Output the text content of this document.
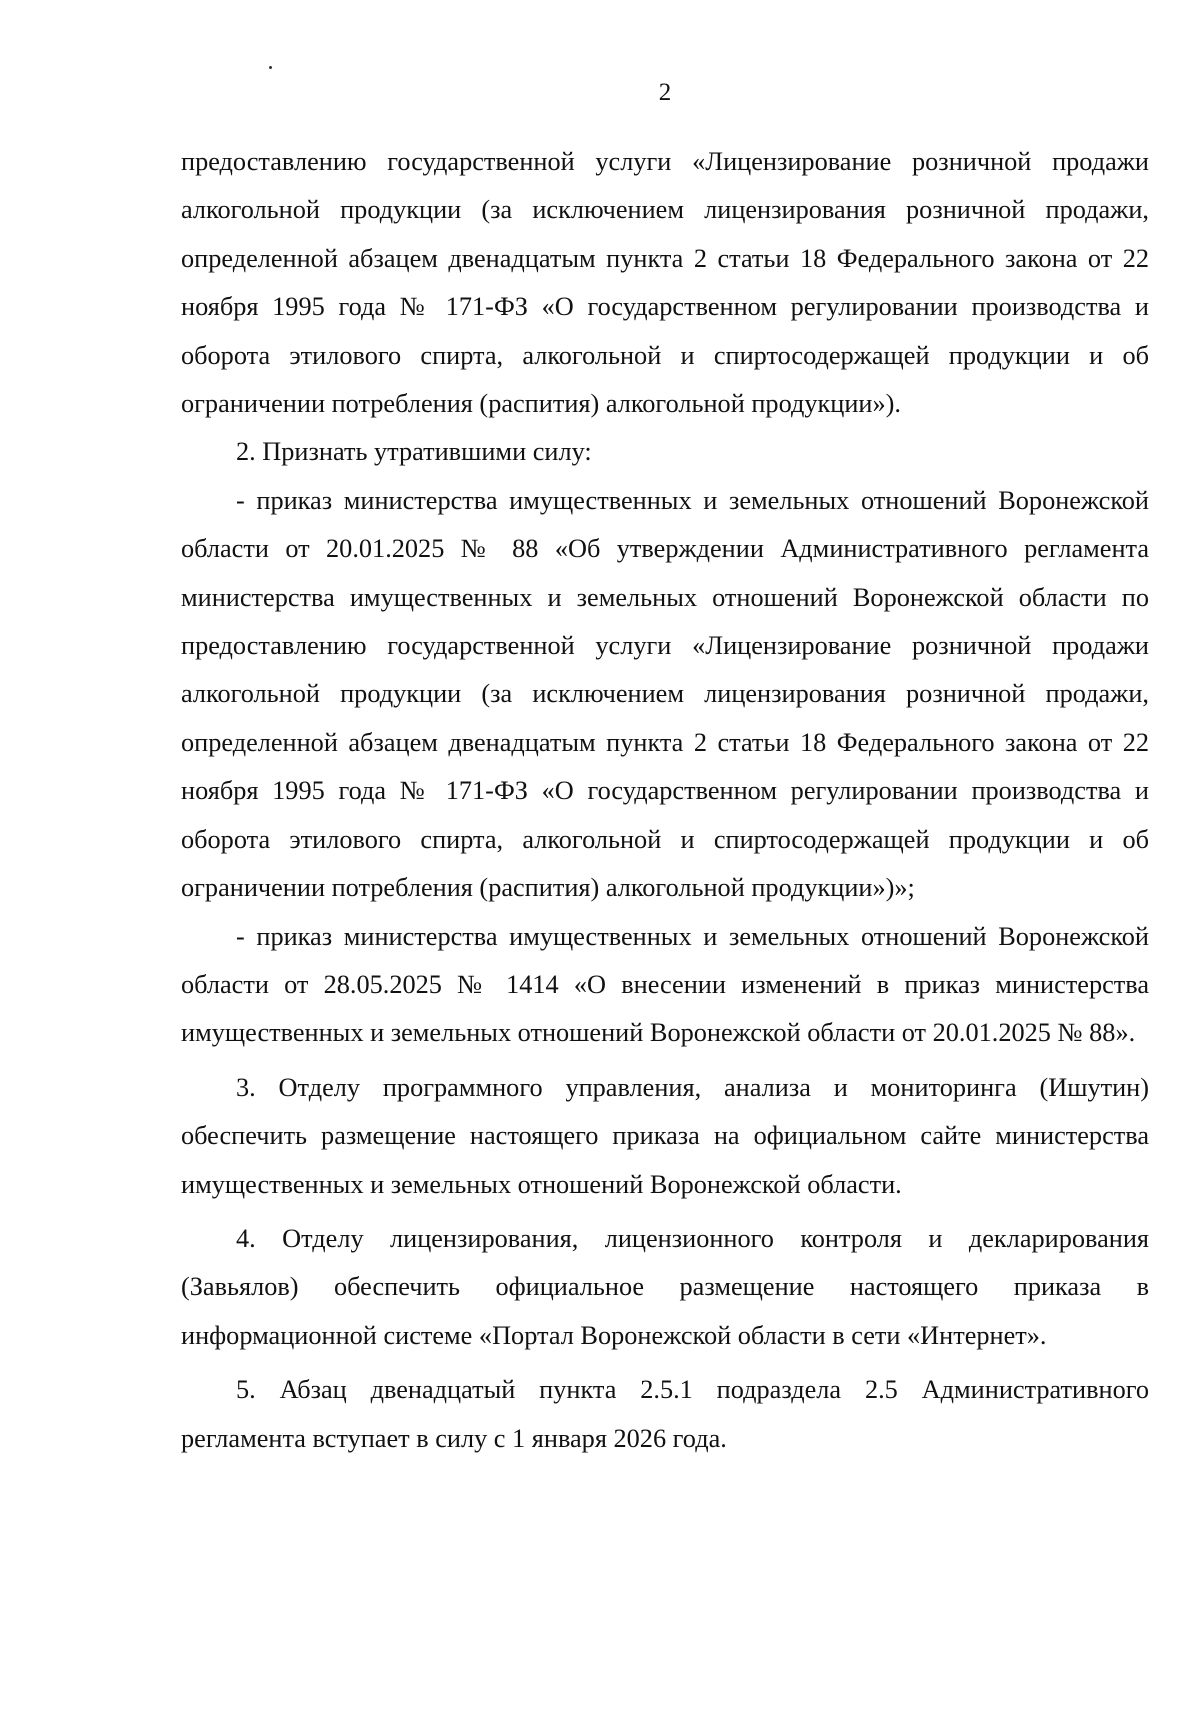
2

предоставлению государственной услуги «Лицензирование розничной продажи алкогольной продукции (за исключением лицензирования розничной продажи, определенной абзацем двенадцатым пункта 2 статьи 18 Федерального закона от 22 ноября 1995 года № 171-ФЗ «О государственном регулировании производства и оборота этилового спирта, алкогольной и спиртосодержащей продукции и об ограничении потребления (распития) алкогольной продукции»).

2. Признать утратившими силу:

- приказ министерства имущественных и земельных отношений Воронежской области от 20.01.2025 № 88 «Об утверждении Административного регламента министерства имущественных и земельных отношений Воронежской области по предоставлению государственной услуги «Лицензирование розничной продажи алкогольной продукции (за исключением лицензирования розничной продажи, определенной абзацем двенадцатым пункта 2 статьи 18 Федерального закона от 22 ноября 1995 года № 171-ФЗ «О государственном регулировании производства и оборота этилового спирта, алкогольной и спиртосодержащей продукции и об ограничении потребления (распития) алкогольной продукции»)»;

- приказ министерства имущественных и земельных отношений Воронежской области от 28.05.2025 № 1414 «О внесении изменений в приказ министерства имущественных и земельных отношений Воронежской области от 20.01.2025 № 88».

3. Отделу программного управления, анализа и мониторинга (Ишутин) обеспечить размещение настоящего приказа на официальном сайте министерства имущественных и земельных отношений Воронежской области.

4. Отделу лицензирования, лицензионного контроля и декларирования (Завьялов) обеспечить официальное размещение настоящего приказа в информационной системе «Портал Воронежской области в сети «Интернет».

5. Абзац двенадцатый пункта 2.5.1 подраздела 2.5 Административного регламента вступает в силу с 1 января 2026 года.
